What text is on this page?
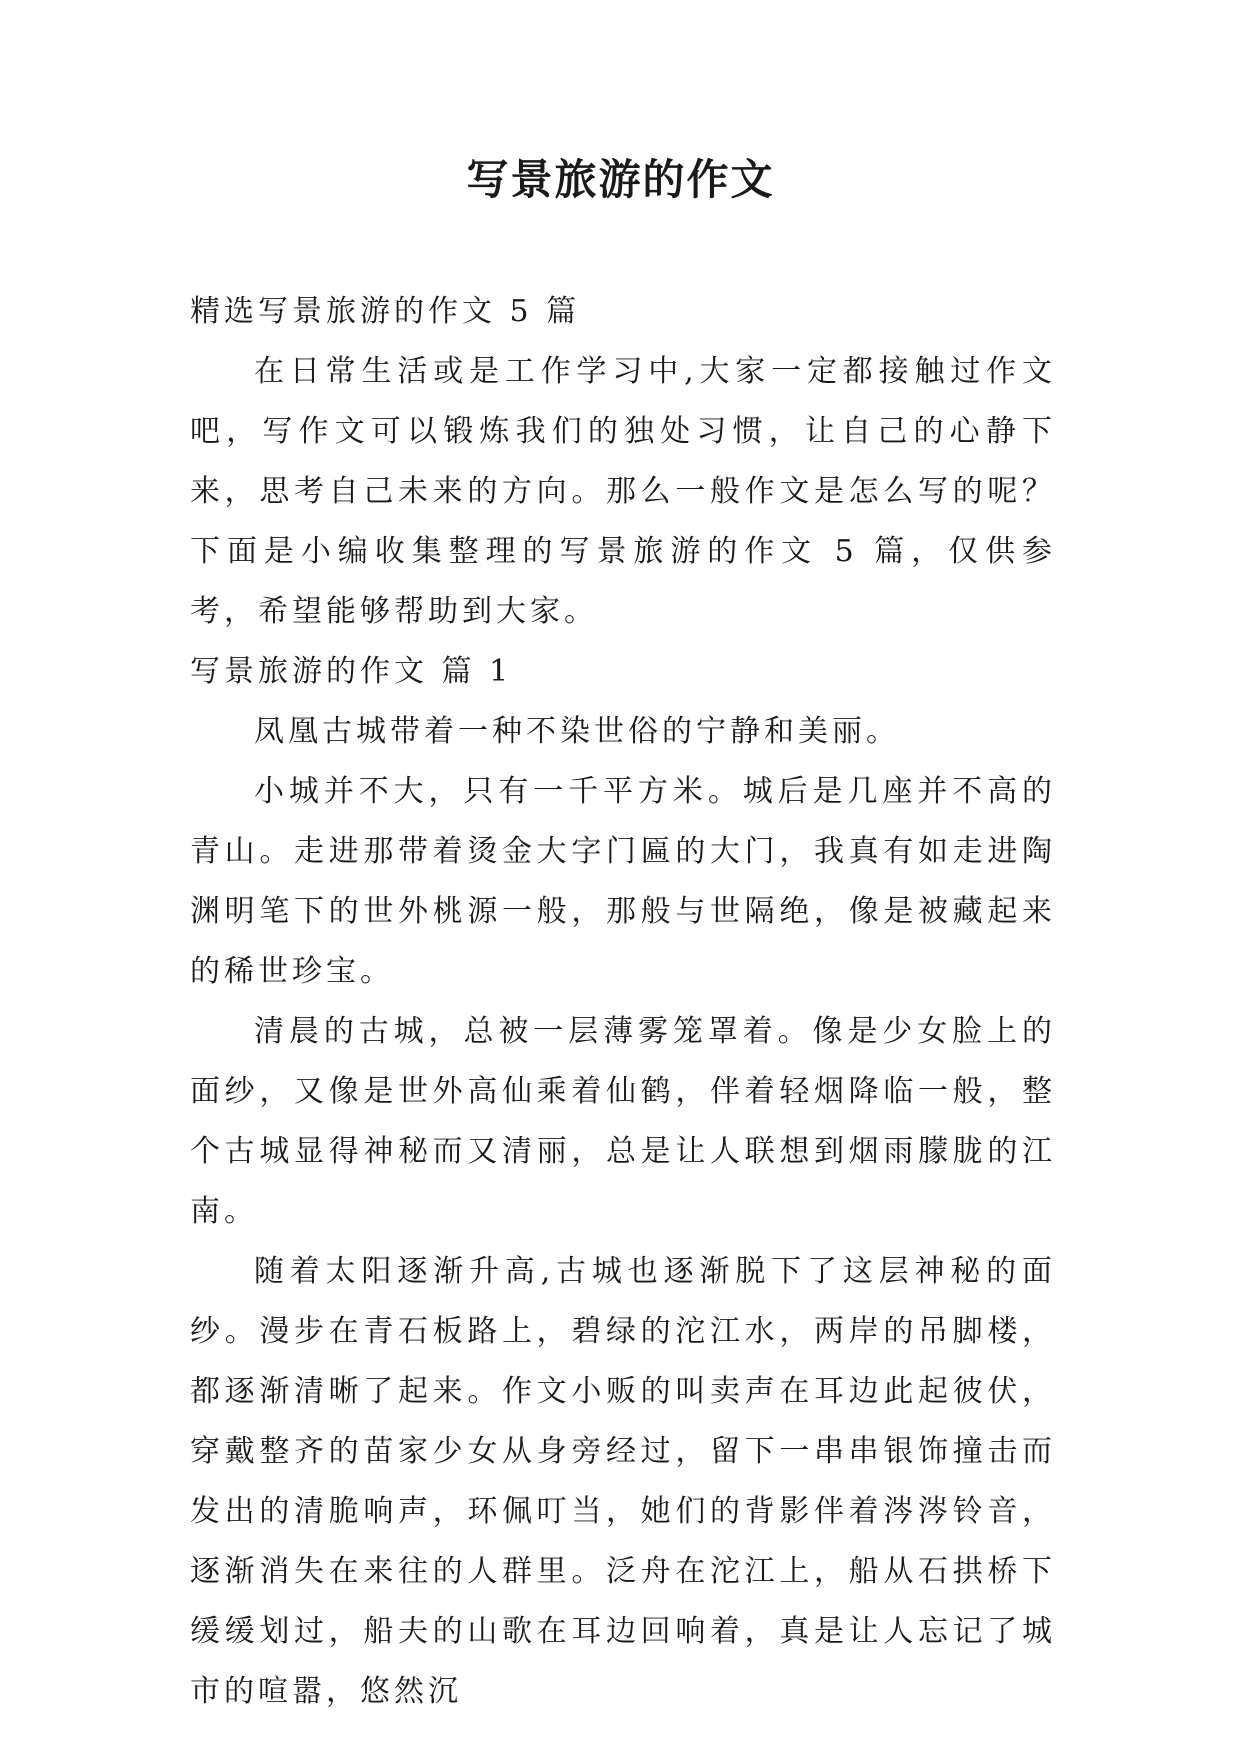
写景旅游的作文

精选写景旅游的作文 5 篇

在日常生活或是工作学习中,大家一定都接触过作文吧，写作文可以锻炼我们的独处习惯，让自己的心静下来，思考自己未来的方向。那么一般作文是怎么写的呢？下面是小编收集整理的写景旅游的作文 5 篇，仅供参考，希望能够帮助到大家。

写景旅游的作文 篇 1

凤凰古城带着一种不染世俗的宁静和美丽。

小城并不大，只有一千平方米。城后是几座并不高的青山。走进那带着烫金大字门匾的大门，我真有如走进陶渊明笔下的世外桃源一般，那般与世隔绝，像是被藏起来的稀世珍宝。

清晨的古城，总被一层薄雾笼罩着。像是少女脸上的面纱，又像是世外高仙乘着仙鹤，伴着轻烟降临一般，整个古城显得神秘而又清丽，总是让人联想到烟雨朦胧的江南。

随着太阳逐渐升高,古城也逐渐脱下了这层神秘的面纱。漫步在青石板路上，碧绿的沱江水，两岸的吊脚楼，都逐渐清晰了起来。作文小贩的叫卖声在耳边此起彼伏，穿戴整齐的苗家少女从身旁经过，留下一串串银饰撞击而发出的清脆响声，环佩叮当，她们的背影伴着涔涔铃音，逐渐消失在来往的人群里。泛舟在沱江上，船从石拱桥下缓缓划过，船夫的山歌在耳边回响着，真是让人忘记了城市的喧嚣，悠然沉
